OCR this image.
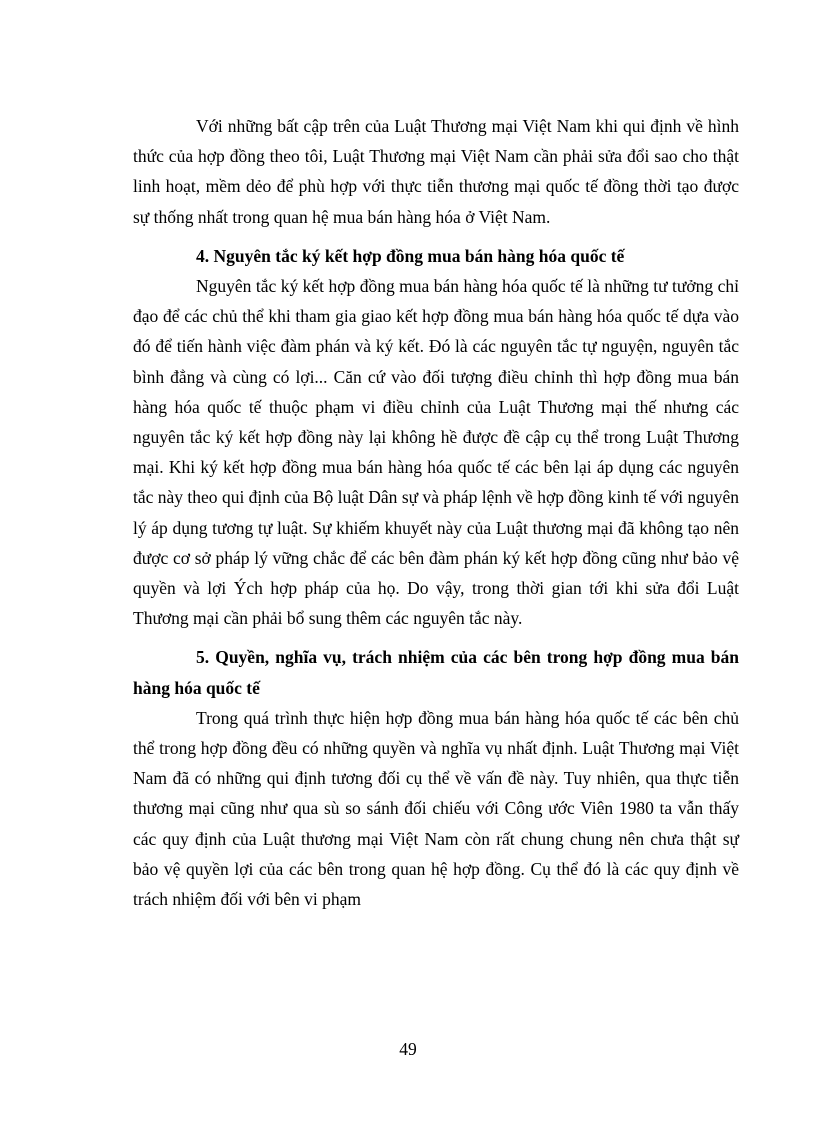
Với những bất cập trên của Luật Thương mại Việt Nam khi qui định về hình thức của hợp đồng theo tôi, Luật Thương mại Việt Nam cần phải sửa đổi sao cho thật linh hoạt, mềm dẻo để phù hợp với thực tiễn thương mại quốc tế đồng thời tạo được sự thống nhất trong quan hệ mua bán hàng hóa ở Việt Nam.

4. Nguyên tắc ký kết hợp đồng mua bán hàng hóa quốc tế

Nguyên tắc ký kết hợp đồng mua bán hàng hóa quốc tế là những tư tưởng chỉ đạo để các chủ thể khi tham gia giao kết hợp đồng mua bán hàng hóa quốc tế dựa vào đó để tiến hành việc đàm phán và ký kết. Đó là các nguyên tắc tự nguyện, nguyên tắc bình đẳng và cùng có lợi... Căn cứ vào đối tượng điều chỉnh thì hợp đồng mua bán hàng hóa quốc tế thuộc phạm vi điều chỉnh của Luật Thương mại thế nhưng các nguyên tắc ký kết hợp đồng này lại không hề được đề cập cụ thể trong Luật Thương mại. Khi ký kết hợp đồng mua bán hàng hóa quốc tế các bên lại áp dụng các nguyên tắc này theo qui định của Bộ luật Dân sự và pháp lệnh về hợp đồng kinh tế với nguyên lý áp dụng tương tự luật. Sự khiếm khuyết này của Luật thương mại đã không tạo nên được cơ sở pháp lý vững chắc để các bên đàm phán ký kết hợp đồng cũng như bảo vệ quyền và lợi Ých hợp pháp của họ. Do vậy, trong thời gian tới khi sửa đổi Luật Thương mại cần phải bổ sung thêm các nguyên tắc này.

5. Quyền, nghĩa vụ, trách nhiệm của các bên trong hợp đồng mua bán hàng hóa quốc tế

Trong quá trình thực hiện hợp đồng mua bán hàng hóa quốc tế các bên chủ thể trong hợp đồng đều có những quyền và nghĩa vụ nhất định. Luật Thương mại Việt Nam đã có những qui định tương đối cụ thể về vấn đề này. Tuy nhiên, qua thực tiễn thương mại cũng như qua sù so sánh đối chiếu với Công ước Viên 1980 ta vẫn thấy các quy định của Luật thương mại Việt Nam còn rất chung chung nên chưa thật sự bảo vệ quyền lợi của các bên trong quan hệ hợp đồng. Cụ thể đó là các quy định về trách nhiệm đối với bên vi phạm

49
